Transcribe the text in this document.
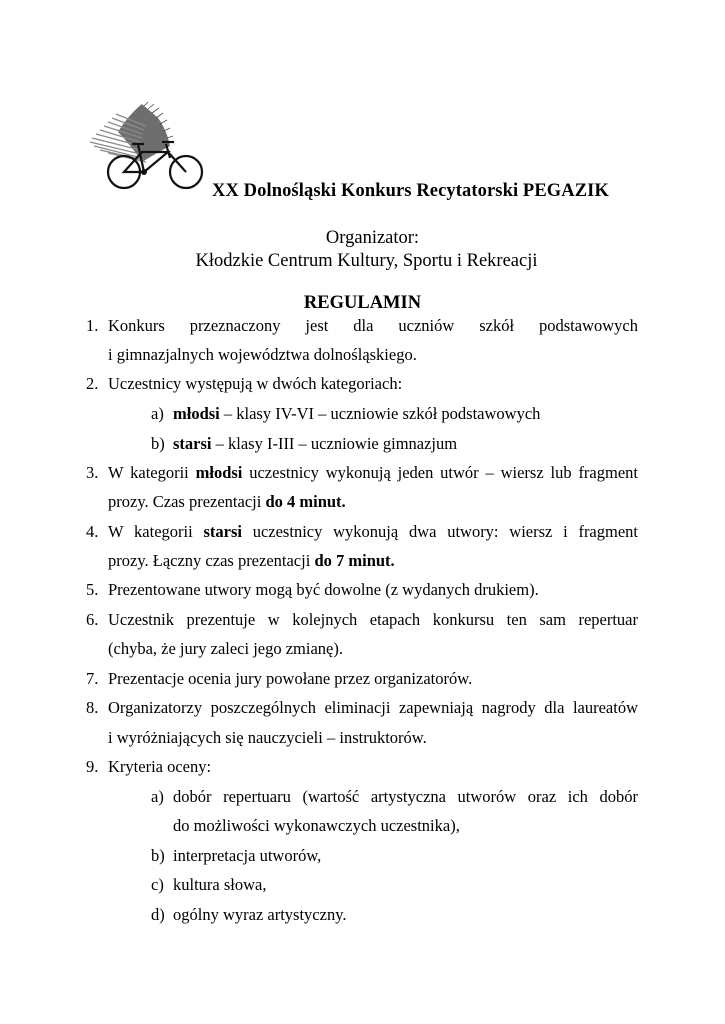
XX Dolnośląski Konkurs Recytatorski PEGAZIK
Organizator:
Kłodzkie Centrum Kultury, Sportu i Rekreacji
REGULAMIN
1. Konkurs przeznaczony jest dla uczniów szkół podstawowych
i gimnazjalnych województwa dolnośląskiego.
2. Uczestnicy występują w dwóch kategoriach:
a) młodsi – klasy IV-VI – uczniowie szkół podstawowych
b) starsi – klasy I-III – uczniowie gimnazjum
3. W kategorii młodsi uczestnicy wykonują jeden utwór – wiersz lub fragment
prozy. Czas prezentacji do 4 minut.
4. W kategorii starsi uczestnicy wykonują dwa utwory: wiersz i fragment
prozy. Łączny czas prezentacji do 7 minut.
5. Prezentowane utwory mogą być dowolne (z wydanych drukiem).
6. Uczestnik prezentuje w kolejnych etapach konkursu ten sam repertuar
(chyba, że jury zaleci jego zmianę).
7. Prezentacje ocenia jury powołane przez organizatorów.
8. Organizatorzy poszczególnych eliminacji zapewniają nagrody dla laureatów
i wyróżniających się nauczycieli – instruktorów.
9. Kryteria oceny:
a) dobór repertuaru (wartość artystyczna utworów oraz ich dobór
do możliwości wykonawczych uczestnika),
b) interpretacja utworów,
c) kultura słowa,
d) ogólny wyraz artystyczny.
